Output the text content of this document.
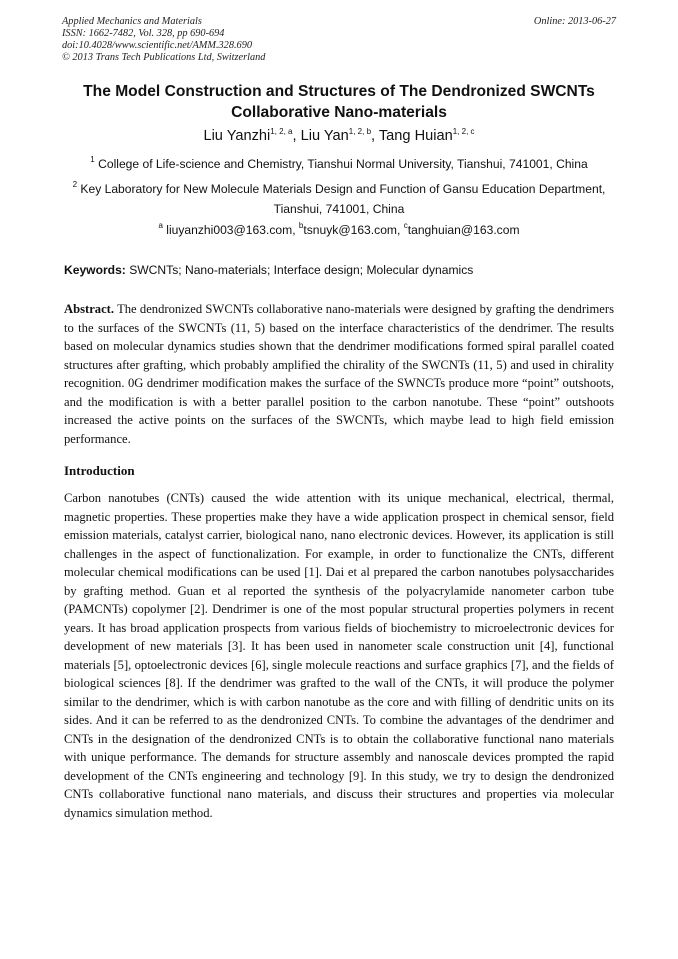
Applied Mechanics and Materials
ISSN: 1662-7482, Vol. 328, pp 690-694
doi:10.4028/www.scientific.net/AMM.328.690
© 2013 Trans Tech Publications Ltd, Switzerland
Online: 2013-06-27
The Model Construction and Structures of The Dendronized SWCNTs Collaborative Nano-materials
Liu Yanzhi$^{1, 2, a}$, Liu Yan$^{1, 2, b}$, Tang Huian$^{1, 2, c}$
$^1$ College of Life-science and Chemistry, Tianshui Normal University, Tianshui, 741001, China
$^2$ Key Laboratory for New Molecule Materials Design and Function of Gansu Education Department, Tianshui, 741001, China
$^a$ liuyanzhi003@163.com, $^b$tsnuyk@163.com, $^c$tanghuian@163.com
Keywords: SWCNTs; Nano-materials; Interface design; Molecular dynamics
Abstract. The dendronized SWCNTs collaborative nano-materials were designed by grafting the dendrimers to the surfaces of the SWCNTs (11, 5) based on the interface characteristics of the dendrimer. The results based on molecular dynamics studies shown that the dendrimer modifications formed spiral parallel coated structures after grafting, which probably amplified the chirality of the SWCNTs (11, 5) and used in chirality recognition. 0G dendrimer modification makes the surface of the SWNCTs produce more “point” outshoots, and the modification is with a better parallel position to the carbon nanotube. These “point” outshoots increased the active points on the surfaces of the SWCNTs, which maybe lead to high field emission performance.
Introduction
Carbon nanotubes (CNTs) caused the wide attention with its unique mechanical, electrical, thermal, magnetic properties. These properties make they have a wide application prospect in chemical sensor, field emission materials, catalyst carrier, biological nano, nano electronic devices. However, its application is still challenges in the aspect of functionalization. For example, in order to functionalize the CNTs, different molecular chemical modifications can be used [1]. Dai et al prepared the carbon nanotubes polysaccharides by grafting method. Guan et al reported the synthesis of the polyacrylamide nanometer carbon tube (PAMCNTs) copolymer [2]. Dendrimer is one of the most popular structural properties polymers in recent years. It has broad application prospects from various fields of biochemistry to microelectronic devices for development of new materials [3]. It has been used in nanometer scale construction unit [4], functional materials [5], optoelectronic devices [6], single molecule reactions and surface graphics [7], and the fields of biological sciences [8]. If the dendrimer was grafted to the wall of the CNTs, it will produce the polymer similar to the dendrimer, which is with carbon nanotube as the core and with filling of dendritic units on its sides. And it can be referred to as the dendronized CNTs. To combine the advantages of the dendrimer and CNTs in the designation of the dendronized CNTs is to obtain the collaborative functional nano materials with unique performance. The demands for structure assembly and nanoscale devices prompted the rapid development of the CNTs engineering and technology [9]. In this study, we try to design the dendronized CNTs collaborative functional nano materials, and discuss their structures and properties via molecular dynamics simulation method.
